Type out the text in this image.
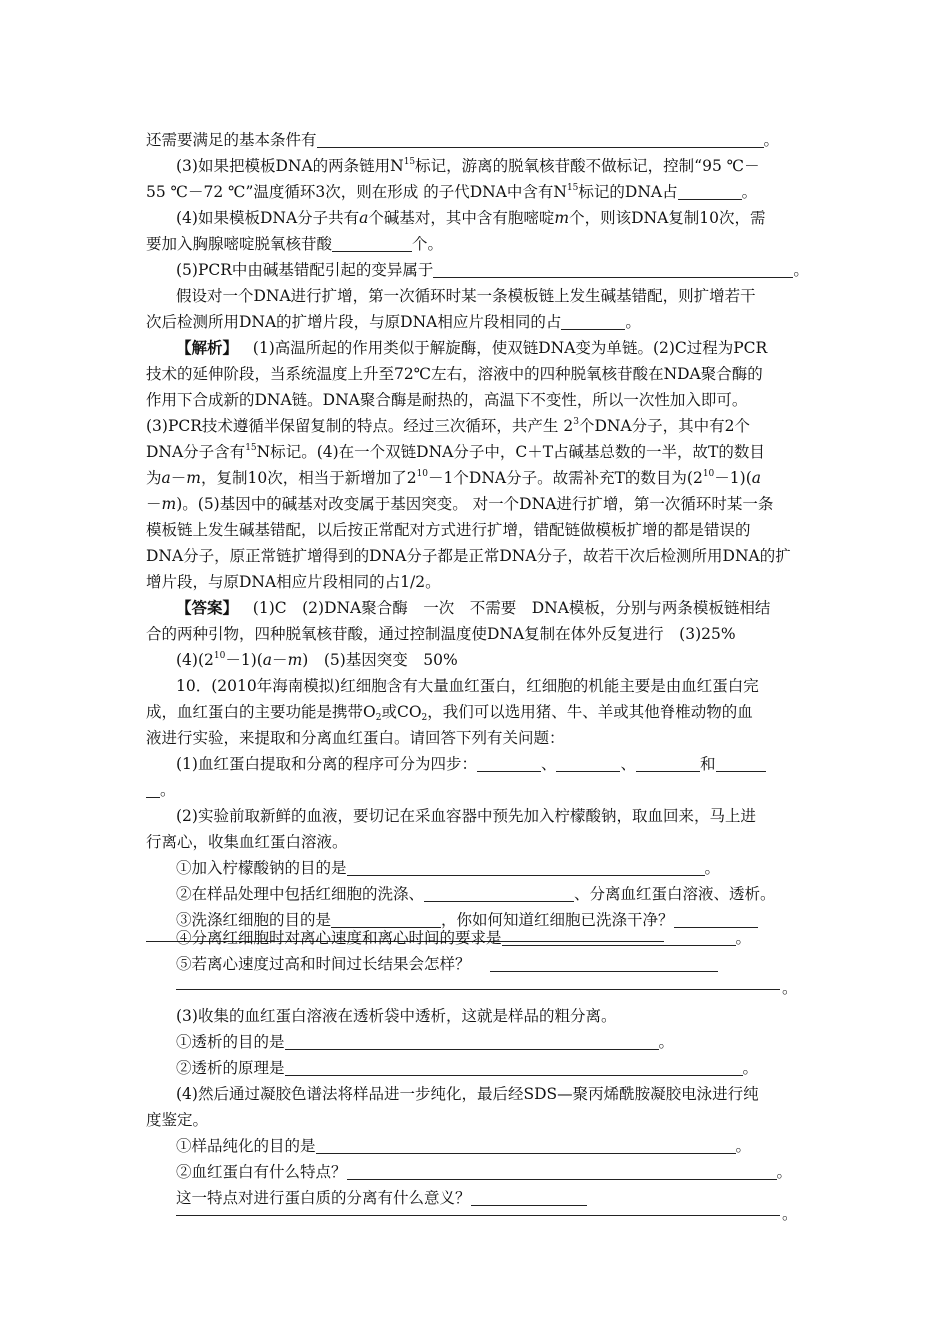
还需要满足的基本条件有	。
(3)如果把模板DNA的两条链用$N^{15}$标记，游离的脱氧核苷酸不做标记，控制“95 ℃－
55 ℃－72 ℃”温度循环3次，则在形成 的子代DNA中含有$N^{15}$标记的DNA占	。
(4)如果模板DNA分子共有a个碱基对，其中含有胞嘧啶m个，则该DNA复制10次，需
要加入胸腺嘧啶脱氧核苷酸	个。
(5)PCR中由碱基错配引起的变异属于	。
假设对一个DNA进行扩增，第一次循环时某一条模板链上发生碱基错配，则扩增若干
次后检测所用DNA的扩增片段，与原DNA相应片段相同的占	。
【解析】 (1)高温所起的作用类似于解旋酶，使双链DNA变为单链。(2)C过程为PCR
技术的延伸阶段，当系统温度上升至72℃左右，溶液中的四种脱氧核苷酸在NDA聚合酶的
作用下合成新的DNA链。DNA聚合酶是耐热的，高温下不变性，所以一次性加入即可。
(3)PCR技术遵循半保留复制的特点。经过三次循环，共产生 $2^3$个DNA分子，其中有2个
DNA分子含有$^{15}$N标记。(4)在一个双链DNA分子中，C＋T占碱基总数的一半，故T的数目
为a－m，复制10次，相当于新增加了$2^{10}-1$个DNA分子。故需补充T的数目为$(2^{10}-1)(a$
－m)。(5)基因中的碱基对改变属于基因突变。 对一个DNA进行扩增，第一次循环时某一条
模板链上发生碱基错配，以后按正常配对方式进行扩增，错配链做模板扩增的都是错误的
DNA分子，原正常链扩增得到的DNA分子都是正常DNA分子，故若干次后检测所用DNA的扩
增片段，与原DNA相应片段相同的占1/2。
【答案】 (1)C　(2)DNA聚合酶　一次　不需要　DNA模板，分别与两条模板链相结
合的两种引物，四种脱氧核苷酸，通过控制温度使DNA复制在体外反复进行　(3)25%
$(4)(2^{10}-1)(a-m)$　(5)基因突变　50%
10．(2010年海南模拟)红细胞含有大量血红蛋白，红细胞的机能主要是由血红蛋白完
成，血红蛋白的主要功能是携带$O_2$或$CO_2$，我们可以选用猪、牛、羊或其他脊椎动物的血
液进行实验，来提取和分离血红蛋白。请回答下列有关问题：
(1)血红蛋白提取和分离的程序可分为四步：	、	、	和
。
(2)实验前取新鲜的血液，要切记在采血容器中预先加入柠檬酸钠，取血回来，马上进
行离心，收集血红蛋白溶液。
①加入柠檬酸钠的目的是	。
②在样品处理中包括红细胞的洗涤、	、分离血红蛋白溶液、透析。
③洗涤红细胞的目的是	，你如何知道红细胞已洗涤干净？
④分离红细胞时对离心速度和离心时间的要求是	。
⑤若离心速度过高和时间过长结果会怎样？
。
(3)收集的血红蛋白溶液在透析袋中透析，这就是样品的粗分离。
①透析的目的是	。
②透析的原理是	。
(4)然后通过凝胶色谱法将样品进一步纯化，最后经SDS—聚丙烯酰胺凝胶电泳进行纯
度鉴定。
①样品纯化的目的是	。
②血红蛋白有什么特点？	。
这一特点对进行蛋白质的分离有什么意义？
。
